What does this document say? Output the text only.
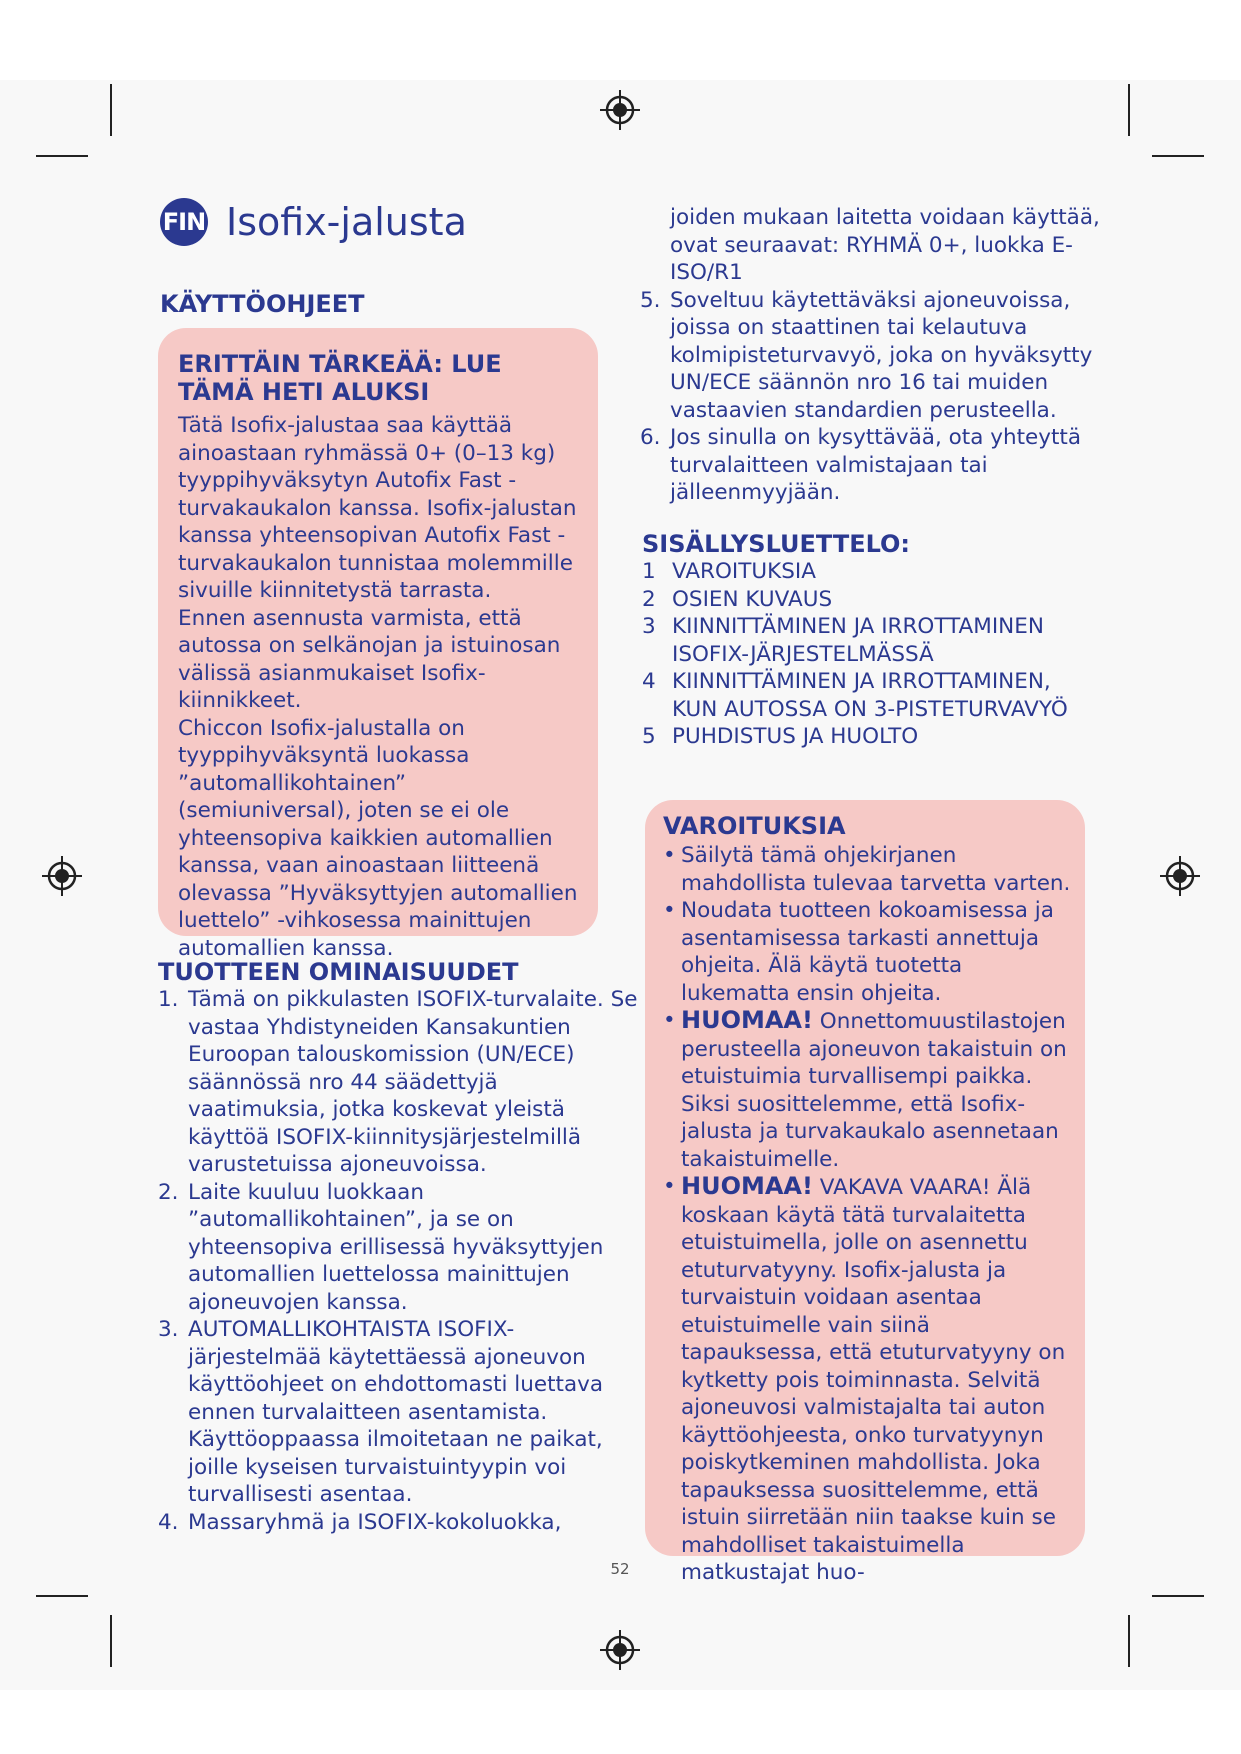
FIN Isofix-jalusta
KÄYTTÖOHJEET
ERITTÄIN TÄRKEÄÄ: LUE TÄMÄ HETI ALUKSI
Tätä Isofix-jalustaa saa käyttää ainoastaan ryhmässä 0+ (0–13 kg) tyyppihyväksytyn Autofix Fast -turvakaukalon kanssa. Isofix-jalustan kanssa yhteensopivan Autofix Fast -turvakaukalon tunnistaa molemmille sivuille kiinnitetystä tarrasta.
Ennen asennusta varmista, että autossa on selkänojan ja istuinosan välissä asianmukaiset Isofix-kiinnikkeet.
Chiccon Isofix-jalustalla on tyyppihyväksyntä luokassa ”automallikohtainen” (semiuniversal), joten se ei ole yhteensopiva kaikkien automallien kanssa, vaan ainoastaan liitteenä olevassa ”Hyväksyttyjen automallien luettelo” -vihkosessa mainittujen automallien kanssa.
TUOTTEEN OMINAISUUDET
1. Tämä on pikkulasten ISOFIX-turvalaite. Se vastaa Yhdistyneiden Kansakuntien Euroopan talouskomission (UN/ECE) säännössä nro 44 säädettyjä vaatimuksia, jotka koskevat yleistä käyttöä ISOFIX-kiinnitysjärjestelmillä varustetuissa ajoneuvoissa.
2. Laite kuuluu luokkaan ”automallikohtainen”, ja se on yhteensopiva erillisessä hyväksyttyjen automallien luettelossa mainittujen ajoneuvojen kanssa.
3. AUTOMALLIKOHTAISTA ISOFIX-järjestelmää käytettäessä ajoneuvon käyttöohjeet on ehdottomasti luettava ennen turvalaitteen asentamista. Käyttöoppaassa ilmoitetaan ne paikat, joille kyseisen turvaistuintyypin voi turvallisesti asentaa.
4. Massaryhmä ja ISOFIX-kokoluokka,
joiden mukaan laitetta voidaan käyttää, ovat seuraavat: RYHMÄ 0+, luokka E- ISO/R1
5. Soveltuu käytettäväksi ajoneuvoissa, joissa on staattinen tai kelautuva kolmipisteturvavyö, joka on hyväksytty UN/ECE säännön nro 16 tai muiden vastaavien standardien perusteella.
6. Jos sinulla on kysyttävää, ota yhteyttä turvalaitteen valmistajaan tai jälleenmyyjään.
SISÄLLYSLUETTELO:
1 VAROITUKSIA
2 OSIEN KUVAUS
3 KIINNITTÄMINEN JA IRROTTAMINEN ISOFIX-JÄRJESTELMÄSSÄ
4 KIINNITTÄMINEN JA IRROTTAMINEN, KUN AUTOSSA ON 3-PISTETURVAVYÖ
5 PUHDISTUS JA HUOLTO
VAROITUKSIA
• Säilytä tämä ohjekirjanen mahdollista tulevaa tarvetta varten.
• Noudata tuotteen kokoamisessa ja asentamisessa tarkasti annettuja ohjeita. Älä käytä tuotetta lukematta ensin ohjeita.
• HUOMAA! Onnettomuustilastojen perusteella ajoneuvon takaistuin on etuistuimia turvallisempi paikka. Siksi suosittelemme, että Isofix-jalusta ja turvakaukalo asennetaan takaistuimelle.
• HUOMAA! VAKAVA VAARA! Älä koskaan käytä tätä turvalaitetta etuistuimella, jolle on asennettu etuturvatyyny. Isofix-jalusta ja turvaistuin voidaan asentaa etuistuimelle vain siinä tapauksessa, että etuturvatyyny on kytketty pois toiminnasta. Selvitä ajoneuvosi valmistajalta tai auton käyttöohjeesta, onko turvatyynyn poiskytkeminen mahdollista. Joka tapauksessa suosittelemme, että istuin siirretään niin taakse kuin se mahdolliset takaistuimella matkustajat huo-
52
